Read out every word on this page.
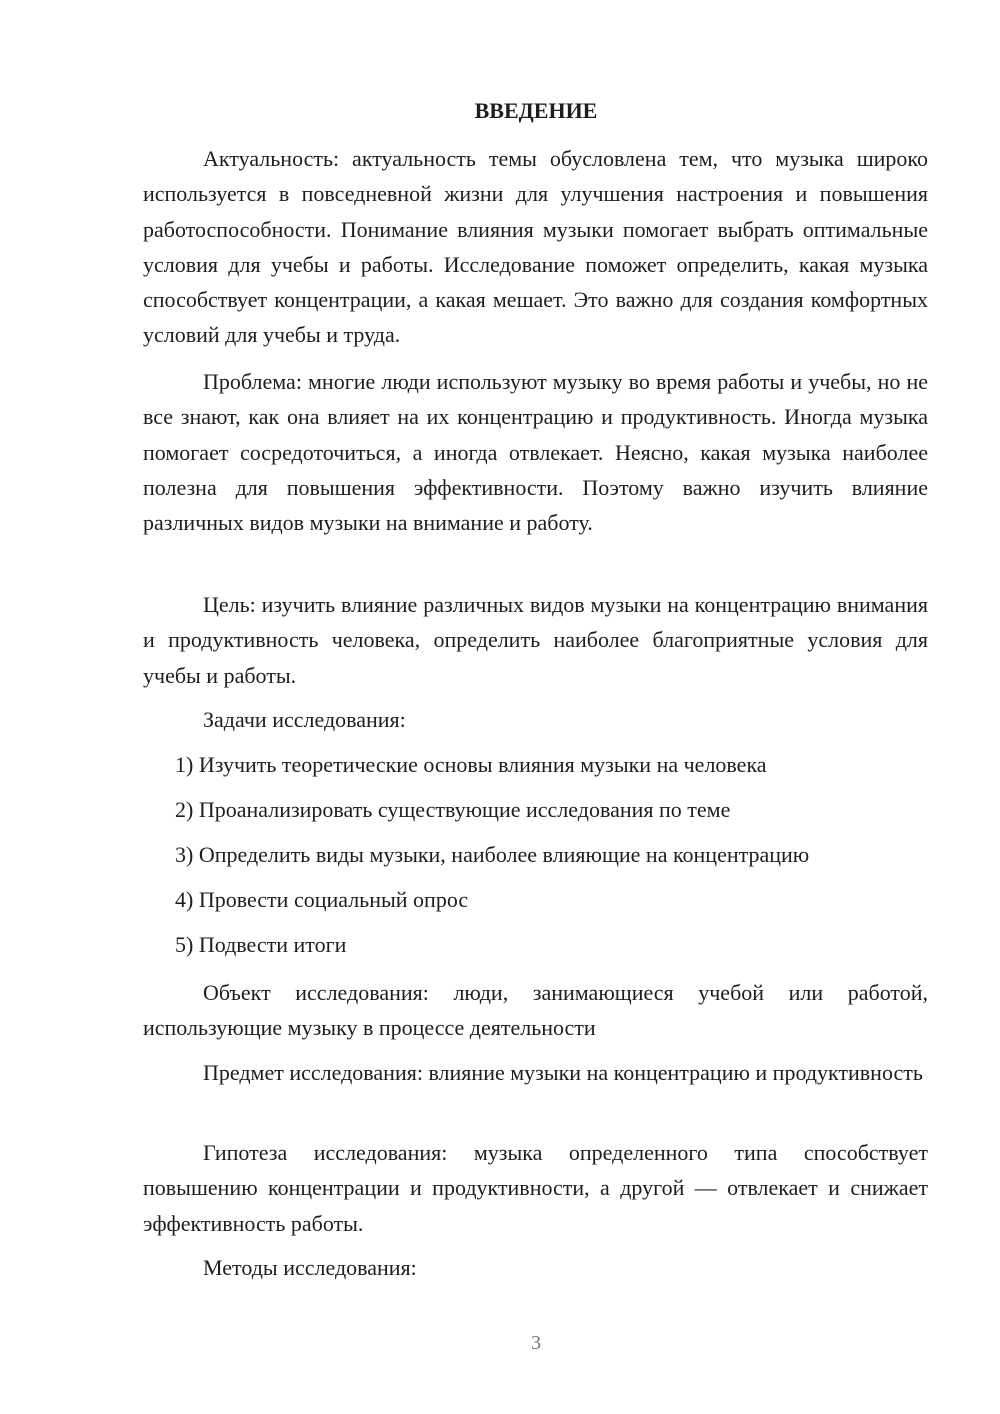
ВВЕДЕНИЕ

Актуальность: актуальность темы обусловлена тем, что музыка широко используется в повседневной жизни для улучшения настроения и повышения работоспособности. Понимание влияния музыки помогает выбрать оптимальные условия для учебы и работы. Исследование поможет определить, какая музыка способствует концентрации, а какая мешает. Это важно для создания комфортных условий для учебы и труда.

Проблема: многие люди используют музыку во время работы и учебы, но не все знают, как она влияет на их концентрацию и продуктивность. Иногда музыка помогает сосредоточиться, а иногда отвлекает. Неясно, какая музыка наиболее полезна для повышения эффективности. Поэтому важно изучить влияние различных видов музыки на внимание и работу.

Цель: изучить влияние различных видов музыки на концентрацию внимания и продуктивность человека, определить наиболее благоприятные условия для учебы и работы.

Задачи исследования:

1) Изучить теоретические основы влияния музыки на человека
2) Проанализировать существующие исследования по теме
3) Определить виды музыки, наиболее влияющие на концентрацию
4) Провести социальный опрос
5) Подвести итоги

Объект исследования: люди, занимающиеся учебой или работой, использующие музыку в процессе деятельности

Предмет исследования: влияние музыки на концентрацию и продуктивность

Гипотеза исследования: музыка определенного типа способствует повышению концентрации и продуктивности, а другой — отвлекает и снижает эффективность работы.

Методы исследования:

3
